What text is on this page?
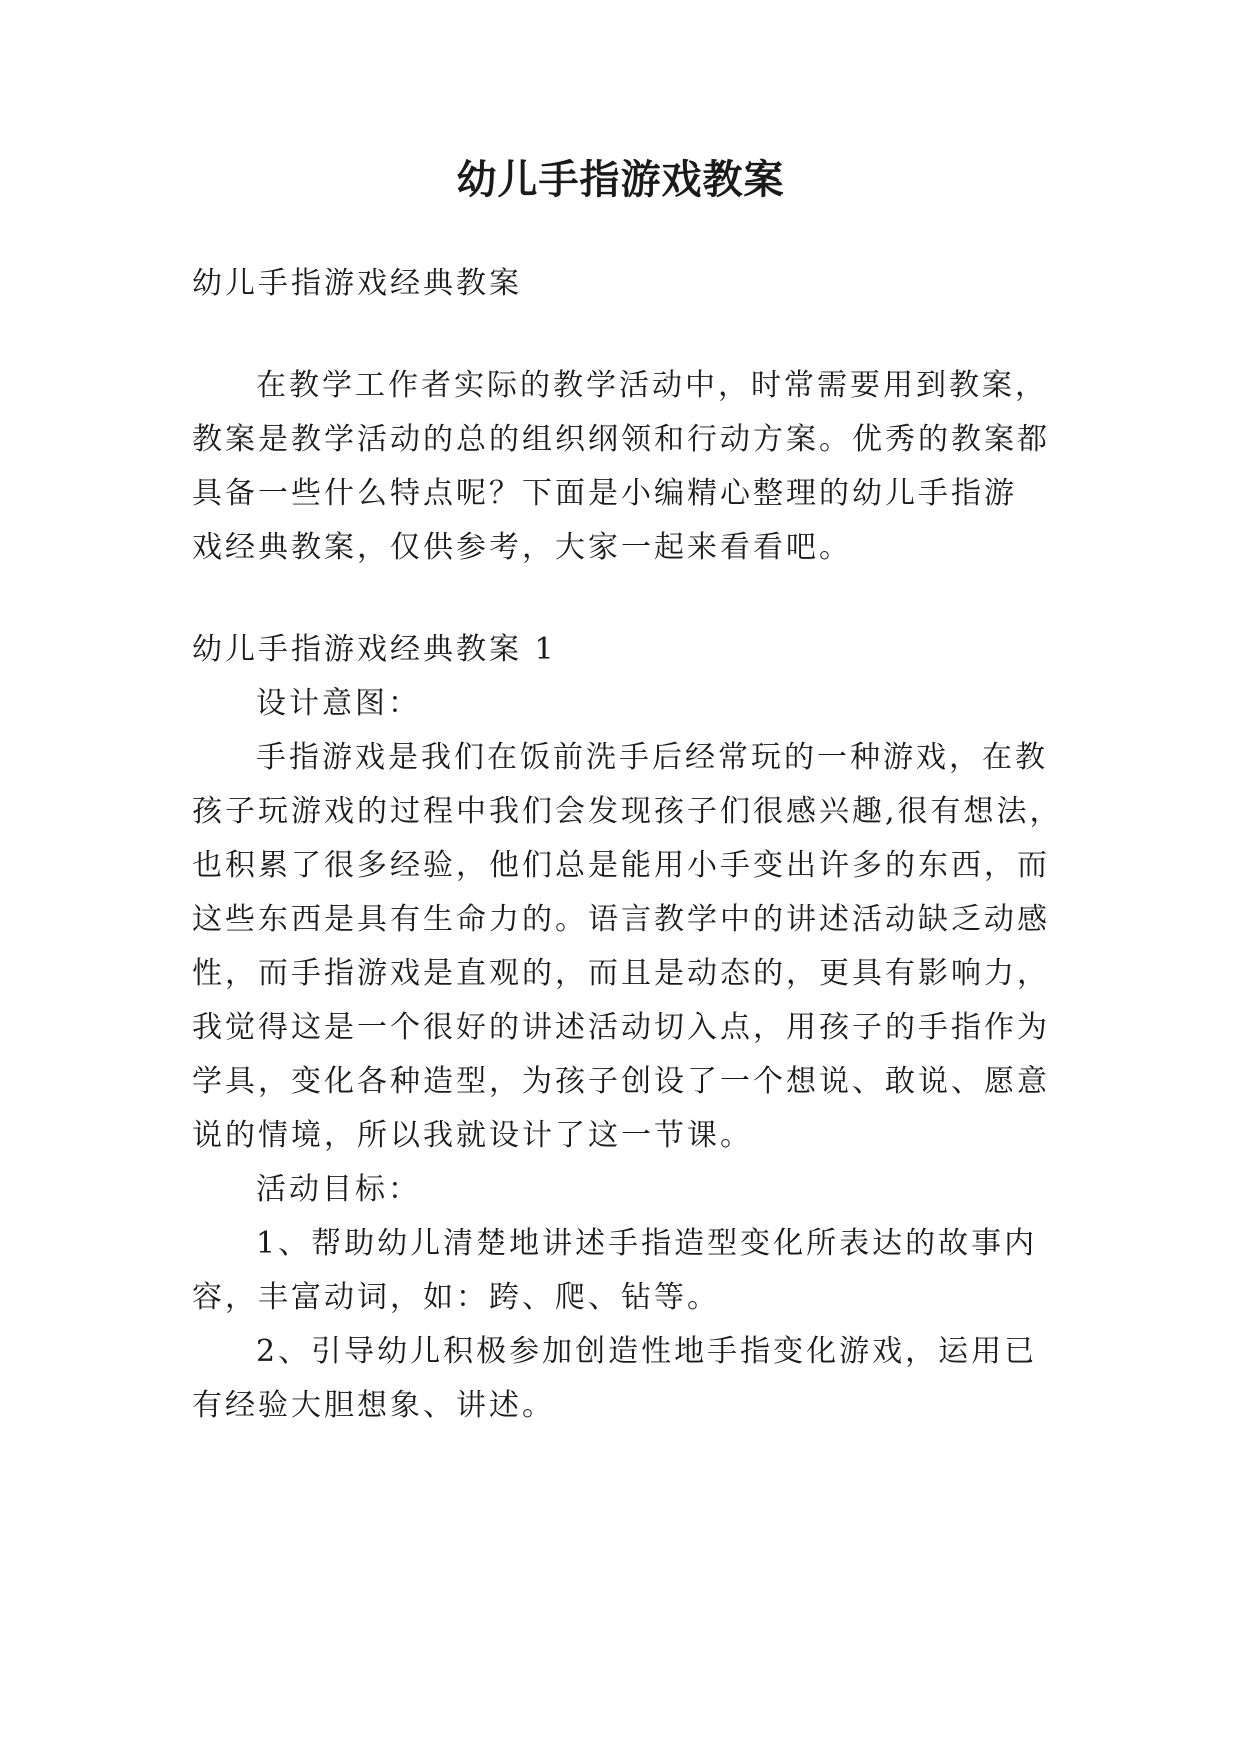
幼儿手指游戏教案

幼儿手指游戏经典教案

在教学工作者实际的教学活动中，时常需要用到教案，

教案是教学活动的总的组织纲领和行动方案。优秀的教案都

具备一些什么特点呢？下面是小编精心整理的幼儿手指游

戏经典教案，仅供参考，大家一起来看看吧。

幼儿手指游戏经典教案 1

设计意图：

手指游戏是我们在饭前洗手后经常玩的一种游戏，在教

孩子玩游戏的过程中我们会发现孩子们很感兴趣,很有想法，

也积累了很多经验，他们总是能用小手变出许多的东西，而

这些东西是具有生命力的。语言教学中的讲述活动缺乏动感

性，而手指游戏是直观的，而且是动态的，更具有影响力，

我觉得这是一个很好的讲述活动切入点，用孩子的手指作为

学具，变化各种造型，为孩子创设了一个想说、敢说、愿意

说的情境，所以我就设计了这一节课。

活动目标：

1、帮助幼儿清楚地讲述手指造型变化所表达的故事内

容，丰富动词，如：跨、爬、钻等。

2、引导幼儿积极参加创造性地手指变化游戏，运用已

有经验大胆想象、讲述。
